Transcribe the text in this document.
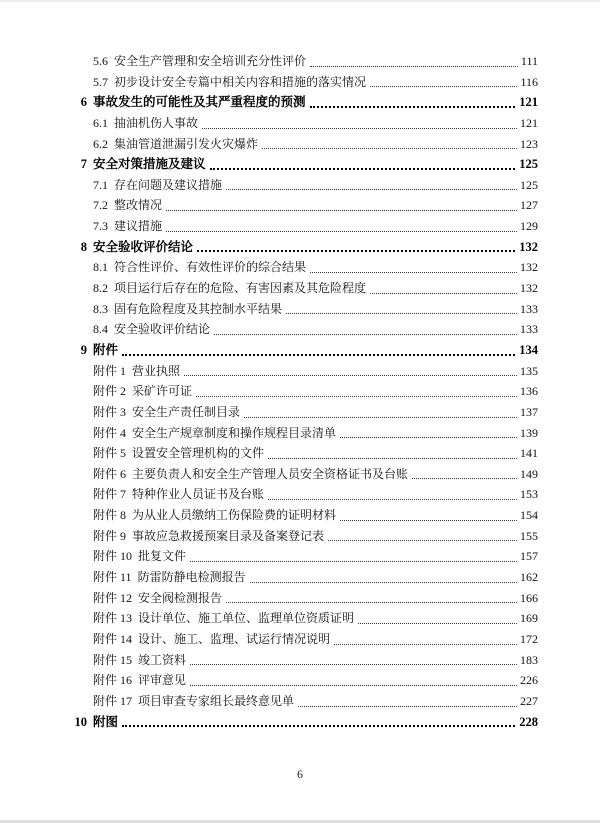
5.6 安全生产管理和安全培训充分性评价	111
5.7 初步设计安全专篇中相关内容和措施的落实情况	116
6 事故发生的可能性及其严重程度的预测	121
6.1 抽油机伤人事故	121
6.2 集油管道泄漏引发火灾爆炸	123
7 安全对策措施及建议	125
7.1 存在问题及建议措施	125
7.2 整改情况	127
7.3 建议措施	129
8 安全验收评价结论	132
8.1 符合性评价、有效性评价的综合结果	132
8.2 项目运行后存在的危险、有害因素及其危险程度	132
8.3 固有危险程度及其控制水平结果	133
8.4 安全验收评价结论	133
9 附件	134
附件 1 营业执照	135
附件 2 采矿许可证	136
附件 3 安全生产责任制目录	137
附件 4 安全生产规章制度和操作规程目录清单	139
附件 5 设置安全管理机构的文件	141
附件 6 主要负责人和安全生产管理人员安全资格证书及台账	149
附件 7 特种作业人员证书及台账	153
附件 8 为从业人员缴纳工伤保险费的证明材料	154
附件 9 事故应急救援预案目录及备案登记表	155
附件 10 批复文件	157
附件 11 防雷防静电检测报告	162
附件 12 安全阀检测报告	166
附件 13 设计单位、施工单位、监理单位资质证明	169
附件 14 设计、施工、监理、试运行情况说明	172
附件 15 竣工资料	183
附件 16 评审意见	226
附件 17 项目审查专家组长最终意见单	227
10 附图	228
6
